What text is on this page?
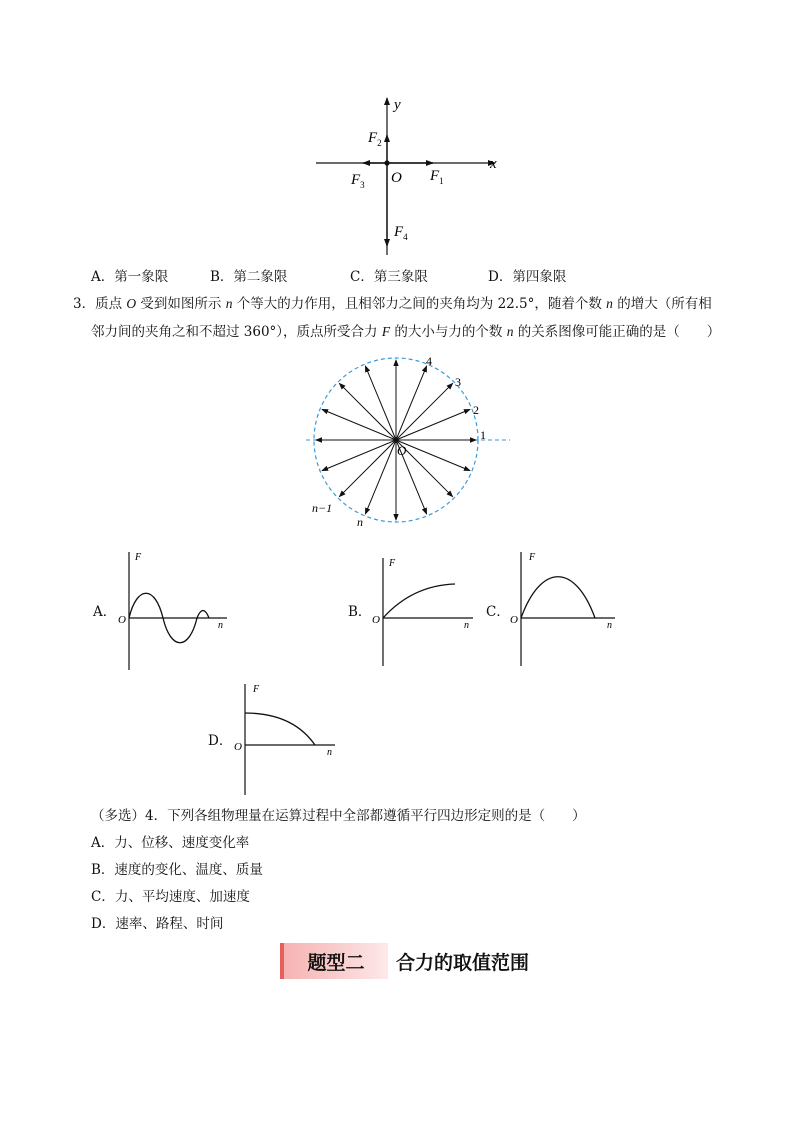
y
x
O $F_1$
$F_2$
$F_3$
$F_4$
A．第一象限	B．第二象限	C．第三象限	D．第四象限
3．质点 O 受到如图所示 n 个等大的力作用，且相邻力之间的夹角均为 22.5°，随着个数 n 的增大（所有相
邻力间的夹角之和不超过 360°），质点所受合力 F 的大小与力的个数 n 的关系图像可能正确的是（　　）
O
1
2
3
4
n−1
n
A．
F
n
O	B．
F
n
O	C．
F
n
O
D．
F
n
O
（多选）4．下列各组物理量在运算过程中全部都遵循平行四边形定则的是（　　）
A．力、位移、速度变化率
B．速度的变化、温度、质量
C．力、平均速度、加速度
D．速率、路程、时间
题型二	合力的取值范围
